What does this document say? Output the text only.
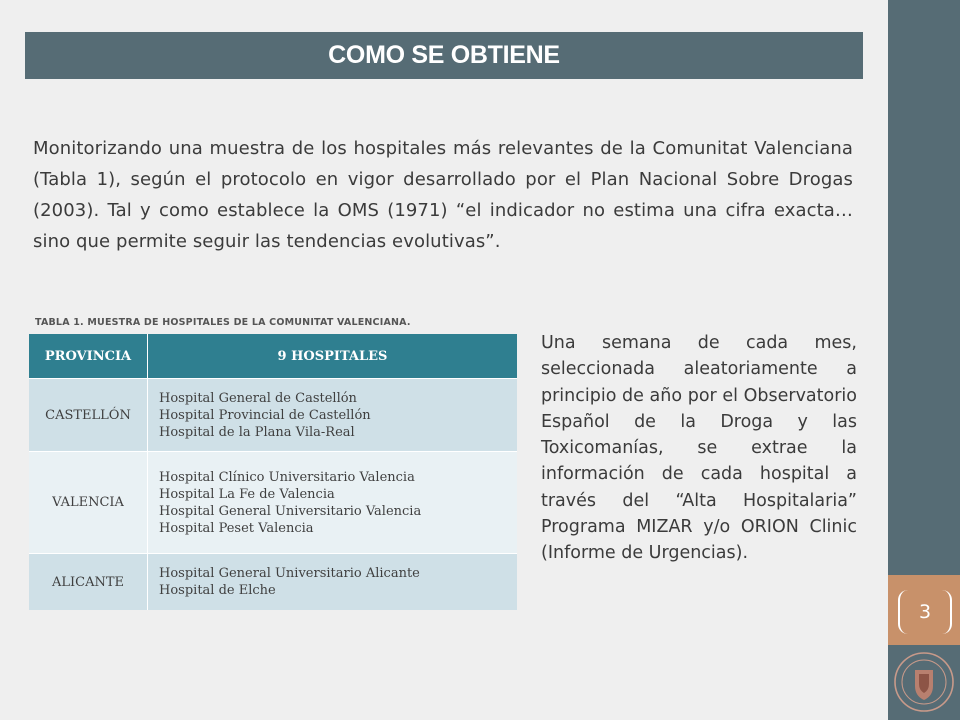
3
COMO SE OBTIENE

Monitorizando una muestra de los hospitales más relevantes de la Comunitat Valenciana (Tabla 1), según el protocolo en vigor desarrollado por el Plan Nacional Sobre Drogas (2003). Tal y como establece la OMS (1971) “el indicador no estima una cifra exacta… sino que permite seguir las tendencias evolutivas”.

TABLA 1. MUESTRA DE HOSPITALES DE LA COMUNITAT VALENCIANA.
PROVINCIA	9 HOSPITALES
CASTELLÓN	Hospital General de Castellón
Hospital Provincial de Castellón
Hospital de la Plana Vila-Real

VALENCIA	Hospital Clínico Universitario Valencia
Hospital La Fe de Valencia
Hospital General Universitario Valencia
Hospital Peset Valencia

ALICANTE	Hospital General Universitario Alicante
Hospital de Elche

Una semana de cada mes, seleccionada aleatoriamente a principio de año por el Observatorio Español de la Droga y las Toxicomanías, se extrae la información de cada hospital a través del “Alta Hospitalaria” Programa MIZAR y/o ORION Clinic (Informe de Urgencias).
